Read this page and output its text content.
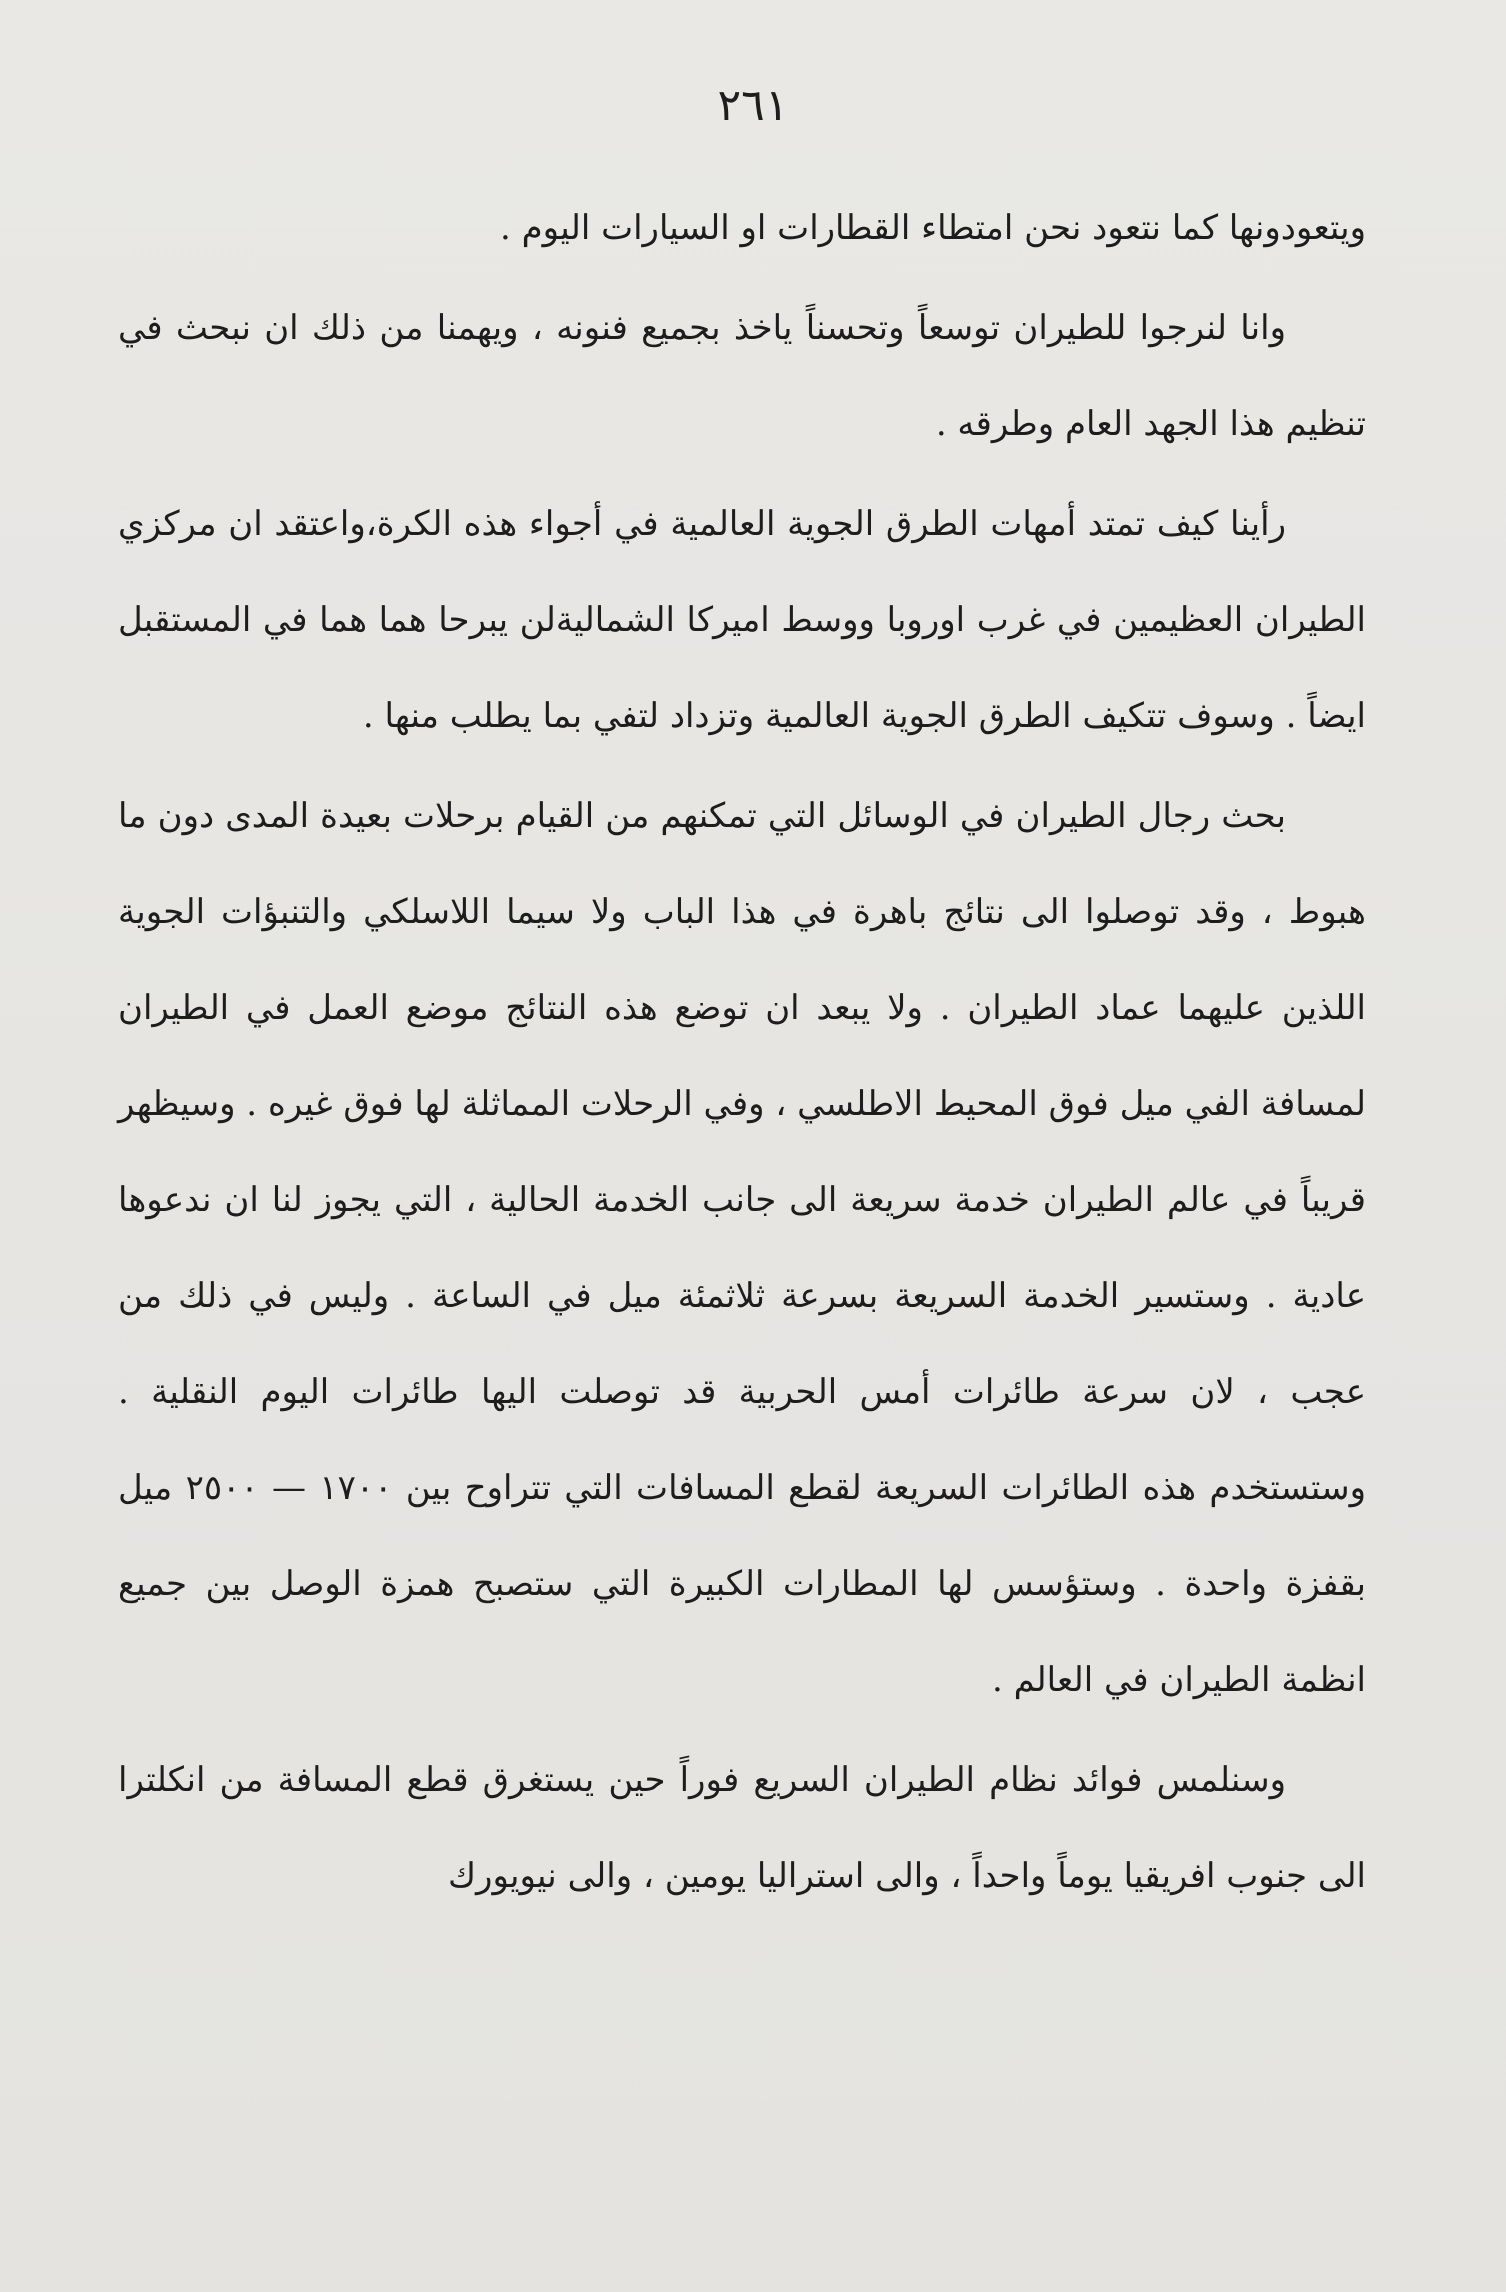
٢٦١

ويتعودونها كما نتعود نحن امتطاء القطارات او السيارات اليوم .

وانا لنرجوا للطيران توسعاً وتحسناً ياخذ بجميع فنونه ، ويهمنا من ذلك ان نبحث في تنظيم هذا الجهد العام وطرقه .

رأينا كيف تمتد أمهات الطرق الجوية العالمية في أجواء هذه الكرة،واعتقد ان مركزي الطيران العظيمين في غرب اوروبا ووسط اميركا الشماليةلن يبرحا هما هما في المستقبل ايضاً . وسوف تتكيف الطرق الجوية العالمية وتزداد لتفي بما يطلب منها .

بحث رجال الطيران في الوسائل التي تمكنهم من القيام برحلات بعيدة المدى دون ما هبوط ، وقد توصلوا الى نتائج باهرة في هذا الباب ولا سيما اللاسلكي والتنبؤات الجوية اللذين عليهما عماد الطيران . ولا يبعد ان توضع هذه النتائج موضع العمل في الطيران لمسافة الفي ميل فوق المحيط الاطلسي ، وفي الرحلات المماثلة لها فوق غيره . وسيظهر قريباً في عالم الطيران خدمة سريعة الى جانب الخدمة الحالية ، التي يجوز لنا ان ندعوها عادية . وستسير الخدمة السريعة بسرعة ثلاثمئة ميل في الساعة . وليس في ذلك من عجب ، لان سرعة طائرات أمس الحربية قد توصلت اليها طائرات اليوم النقلية . وستستخدم هذه الطائرات السريعة لقطع المسافات التي تتراوح بين ١٧٠٠ — ٢٥٠٠ ميل بقفزة واحدة . وستؤسس لها المطارات الكبيرة التي ستصبح همزة الوصل بين جميع انظمة الطيران في العالم .

وسنلمس فوائد نظام الطيران السريع فوراً حين يستغرق قطع المسافة من انكلترا الى جنوب افريقيا يوماً واحداً ، والى استراليا يومين ، والى نيويورك
